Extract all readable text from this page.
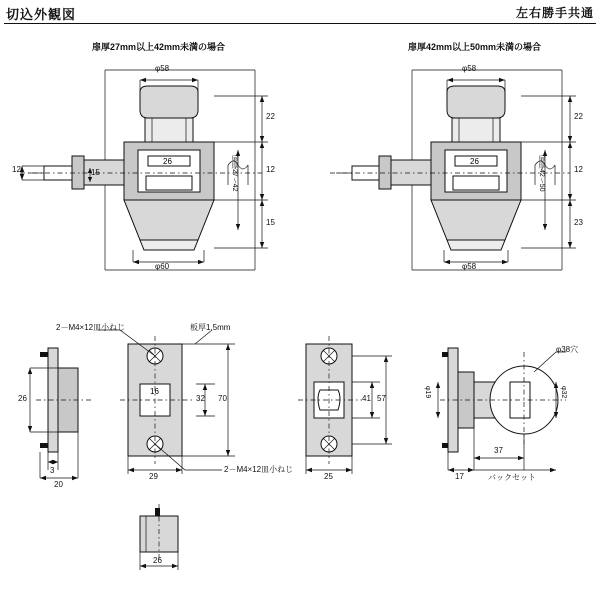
切込外観図	左右勝手共通
扉厚27mm以上42mm未満の場合	扉厚42mm以上50mm未満の場合
26	26
16
φ58
φ60
22
12
15
12	15	扉厚27～42
φ58
φ58
22
12
23
扉厚42～50
2－M4×12皿小ねじ	板厚1.5mm
2－M4×12皿小ねじ
26
3
20
32 70
29
41 57
25
φ38穴
φ19	φ32
17
37
バックセット
26
